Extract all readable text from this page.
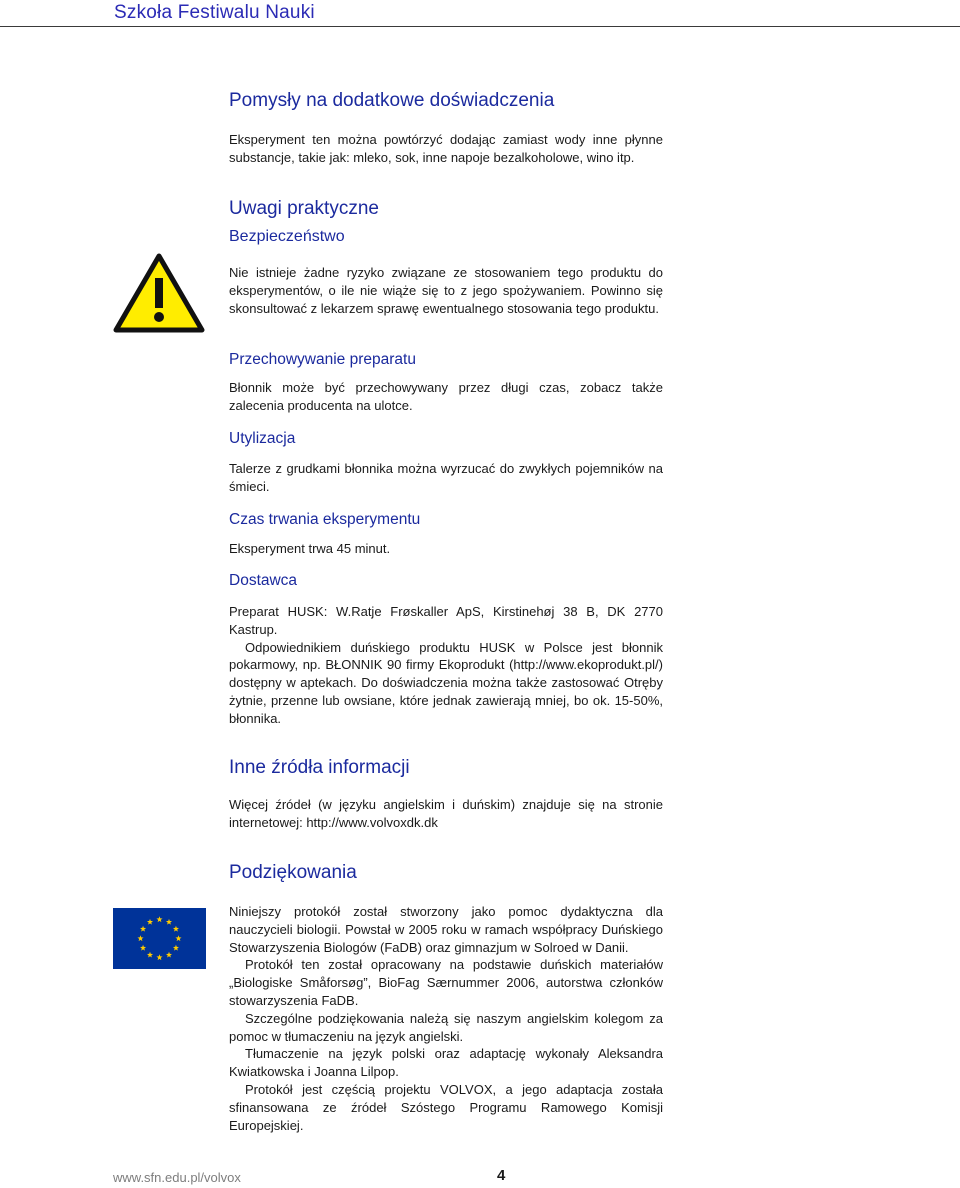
Szkoła Festiwalu Nauki
Pomysły na dodatkowe doświadczenia

Eksperyment ten można powtórzyć dodając zamiast wody inne płynne substancje, takie jak: mleko, sok, inne napoje bezalkoholowe, wino itp.

Uwagi praktyczne
Bezpieczeństwo

Nie istnieje żadne ryzyko związane ze stosowaniem tego produktu do eksperymentów, o ile nie wiąże się to z jego spożywaniem. Powinno się skonsultować z lekarzem sprawę ewentualnego stosowania tego produktu.

Przechowywanie preparatu

Błonnik może być przechowywany przez długi czas, zobacz także zalecenia producenta na ulotce.

Utylizacja

Talerze z grudkami błonnika można wyrzucać do zwykłych pojemników na śmieci.

Czas trwania eksperymentu

Eksperyment trwa 45 minut.

Dostawca

Preparat HUSK: W.Ratje Frøskaller ApS, Kirstinehøj 38 B, DK 2770 Kastrup.
Odpowiednikiem duńskiego produktu HUSK w Polsce jest błonnik pokarmowy, np. BŁONNIK 90 firmy Ekoprodukt (http://www.ekoprodukt.pl/) dostępny w aptekach. Do doświadczenia można także zastosować Otręby żytnie, przenne lub owsiane, które jednak zawierają mniej, bo ok. 15-50%, błonnika.

Inne źródła informacji

Więcej źródeł (w języku angielskim i duńskim) znajduje się na stronie internetowej: http://www.volvoxdk.dk

Podziękowania

Niniejszy protokół został stworzony jako pomoc dydaktyczna dla nauczycieli biologii. Powstał w 2005 roku w ramach współpracy Duńskiego Stowarzyszenia Biologów (FaDB) oraz gimnazjum w Solroed w Danii.
Protokół ten został opracowany na podstawie duńskich materiałów „Biologiske Småforsøg”, BioFag Særnummer 2006, autorstwa członków stowarzyszenia FaDB.
Szczególne podziękowania należą się naszym angielskim kolegom za pomoc w tłumaczeniu na język angielski.
Tłumaczenie na język polski oraz adaptację wykonały Aleksandra Kwiatkowska i Joanna Lilpop.
Protokół jest częścią projektu VOLVOX, a jego adaptacja została sfinansowana ze źródeł Szóstego Programu Ramowego Komisji Europejskiej.

www.sfn.edu.pl/volvox	4
